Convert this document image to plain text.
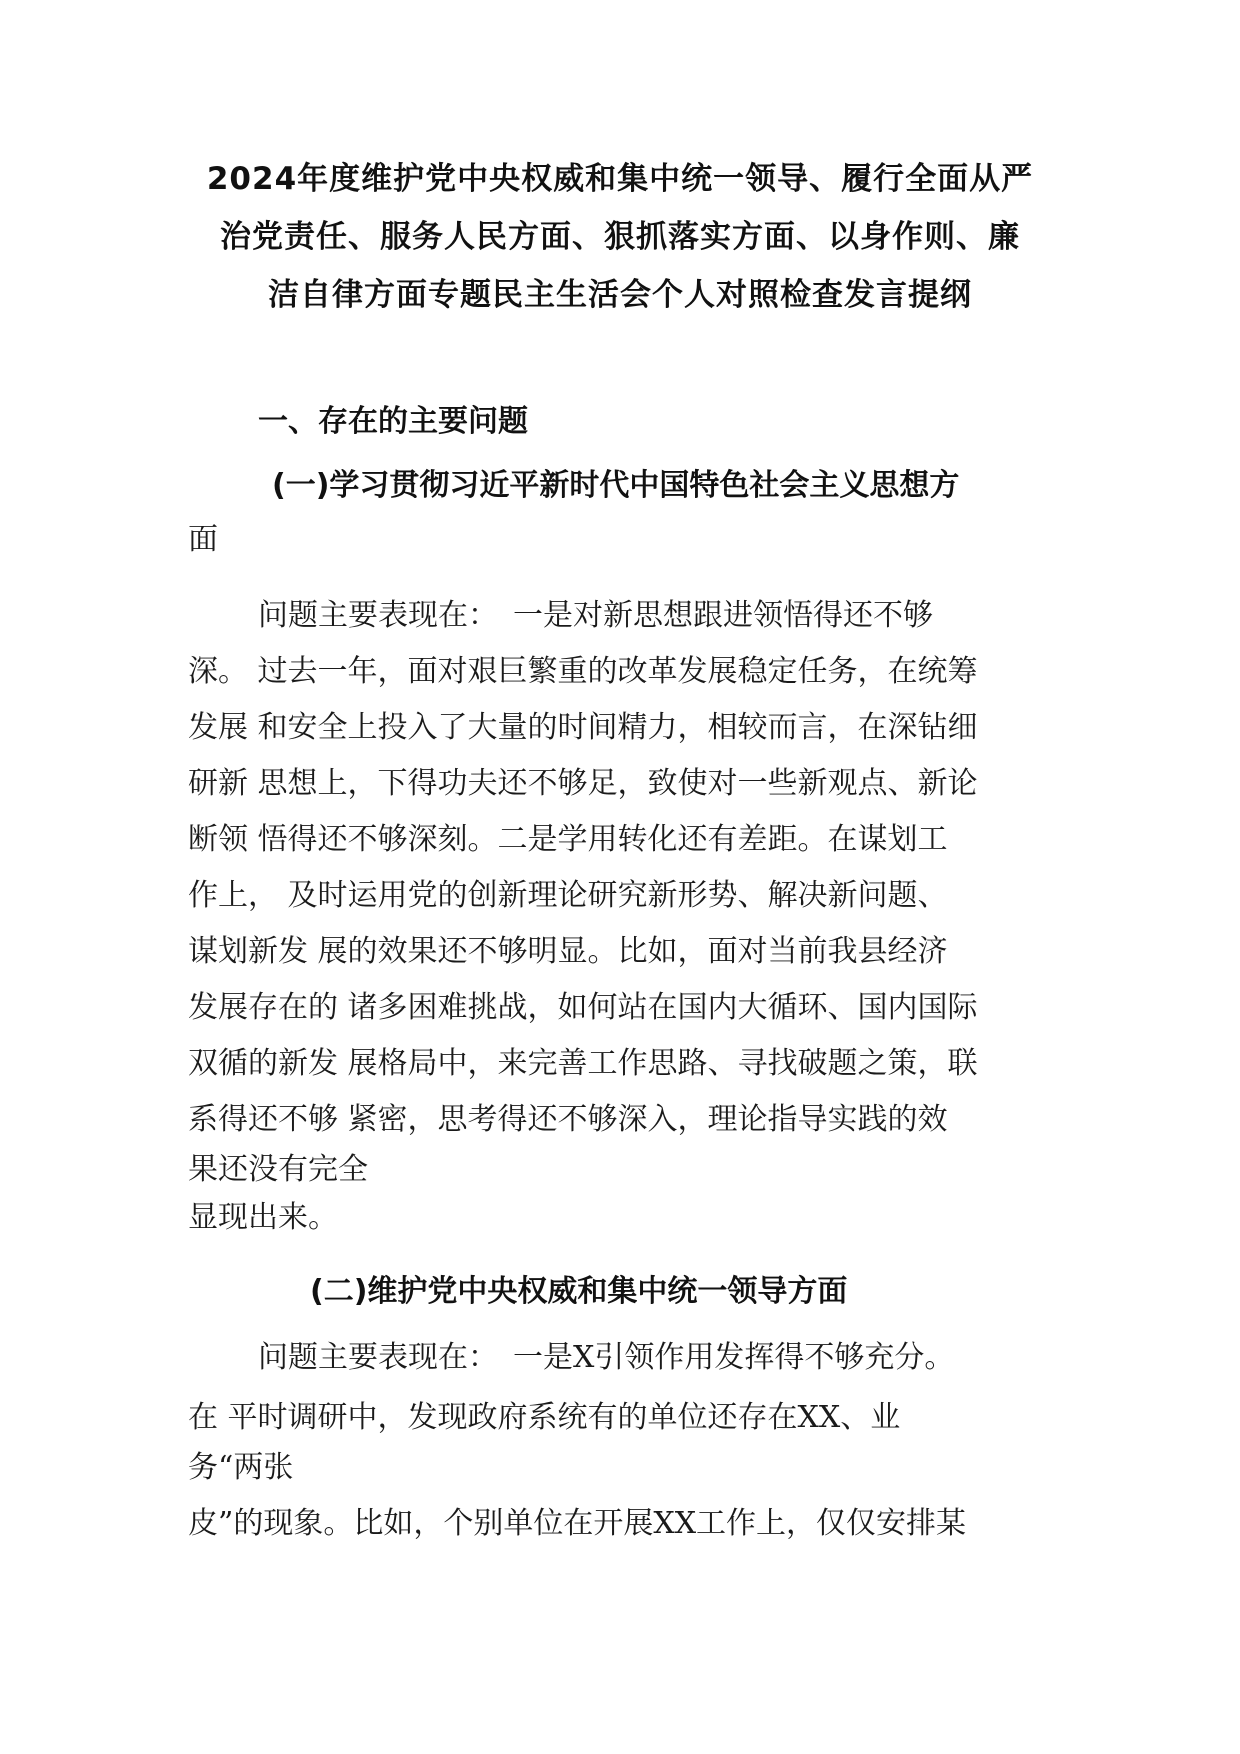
2024年度维护党中央权威和集中统一领导、履行全面从严
治党责任、服务人民方面、狠抓落实方面、以身作则、廉
洁自律方面专题民主生活会个人对照检查发言提纲
一、存在的主要问题
(一)学习贯彻习近平新时代中国特色社会主义思想方
面
问题主要表现在：　一是对新思想跟进领悟得还不够
深。 过去一年，面对艰巨繁重的改革发展稳定任务，在统筹
发展 和安全上投入了大量的时间精力，相较而言，在深钻细
研新 思想上，下得功夫还不够足，致使对一些新观点、新论
断领 悟得还不够深刻。二是学用转化还有差距。在谋划工
作上， 及时运用党的创新理论研究新形势、解决新问题、
谋划新发 展的效果还不够明显。比如，面对当前我县经济
发展存在的 诸多困难挑战，如何站在国内大循环、国内国际
双循的新发 展格局中，来完善工作思路、寻找破题之策，联
系得还不够 紧密，思考得还不够深入，理论指导实践的效
果还没有完全
显现出来。
(二)维护党中央权威和集中统一领导方面
问题主要表现在：　一是X引领作用发挥得不够充分。
在 平时调研中，发现政府系统有的单位还存在XX、业
务“两张
皮”的现象。比如，个别单位在开展XX工作上，仅仅安排某
